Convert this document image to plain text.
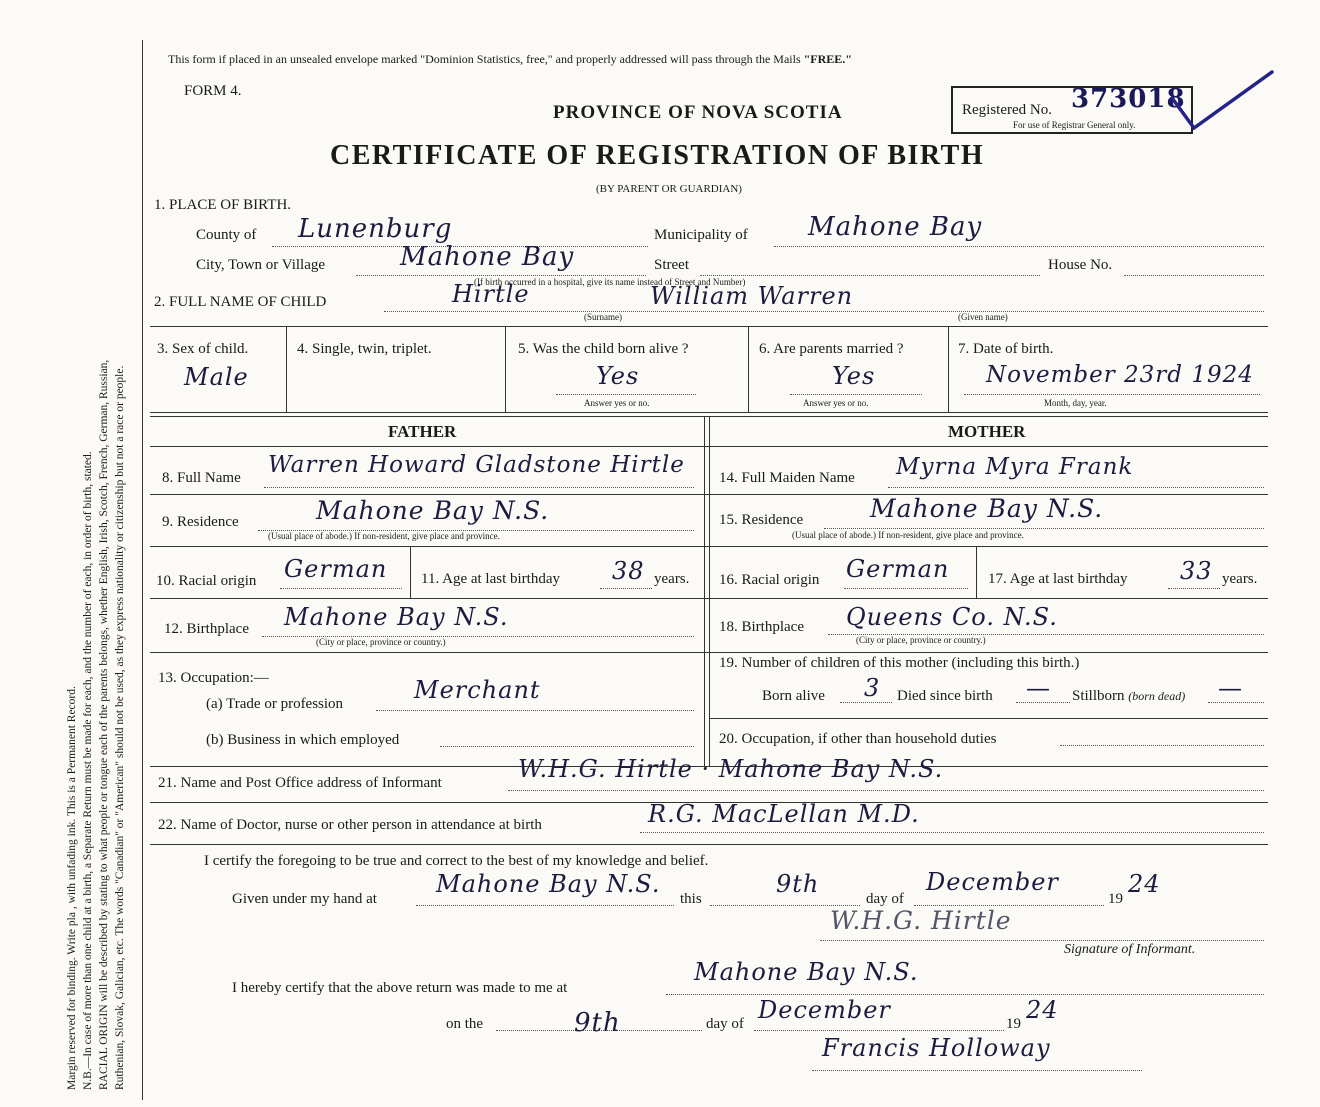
Margin reserved for binding. Write pla , with unfading ink. This is a Permanent Record. N.B.—In case of more than one child at a birth, a Separate Return must be made for each, and the number of each, in order of birth, stated. RACIAL ORIGIN will be described by stating to what people or tongue each of the parents belongs, whether English, Irish, Scotch, French, German, Russian, Ruthenian, Slovak, Galician, etc. The words "Canadian" or "American" should not be used, as they express nationality or citizenship but not a race or people.
This form if placed in an unsealed envelope marked "Dominion Statistics, free," and properly addressed will pass through the Mails "FREE."
FORM 4.
PROVINCE OF NOVA SCOTIA	Registered No. 373018
For use of Registrar General only.
CERTIFICATE OF REGISTRATION OF BIRTH
(BY PARENT OR GUARDIAN)
1. PLACE OF BIRTH.
County of Lunenburg	Municipality of Mahone Bay
City, Town or Village	Mahone Bay	Street
(If birth occurred in a hospital, give its name instead of Street and Number)
House No.
2. FULL NAME OF CHILD	Hirtle	William Warren
(Surname)	(Given name)
3. Sex of child.
Male
4. Single, twin, triplet.	5. Was the child born alive ?
Yes
Answer yes or no.
6. Are parents married ?
Yes
Answer yes or no.
7. Date of birth.
November 23rd 1924
Month, day, year.
FATHER	MOTHER
8. Full Name Warren Howard Gladstone Hirtle 14. Full Maiden Name Myrna Myra Frank
9. Residence	Mahone Bay N.S.
(Usual place of abode.) If non-resident, give place and province.
15. Residence	Mahone Bay N.S.
(Usual place of abode.) If non-resident, give place and province.
10. Racial origin German 11. Age at last birthday 38 years. 16. Racial origin German	17. Age at last birthday 33 years.
12. Birthplace Mahone Bay N.S.
(City or place, province or country.)
18. Birthplace Queens Co. N.S.
(City or place, province or country.)
13. Occupation:—
(a) Trade or profession	Merchant
(b) Business in which employed
19. Number of children of this mother (including this birth.)
Born alive 3 Died since birth — Stillborn (born dead) —
20. Occupation, if other than household duties
21. Name and Post Office address of Informant	W.H.G. Hirtle · Mahone Bay N.S.
22. Name of Doctor, nurse or other person in attendance at birth	R.G. MacLellan M.D.
I certify the foregoing to be true and correct to the best of my knowledge and belief.
Given under my hand at
Mahone Bay N.S.
this
9th
day of
December
19
24
W.H.G. Hirtle
Signature of Informant.
I hereby certify that the above return was made to me at
Mahone Bay N.S.
on the	9th	day of December	19 24
Francis Holloway
